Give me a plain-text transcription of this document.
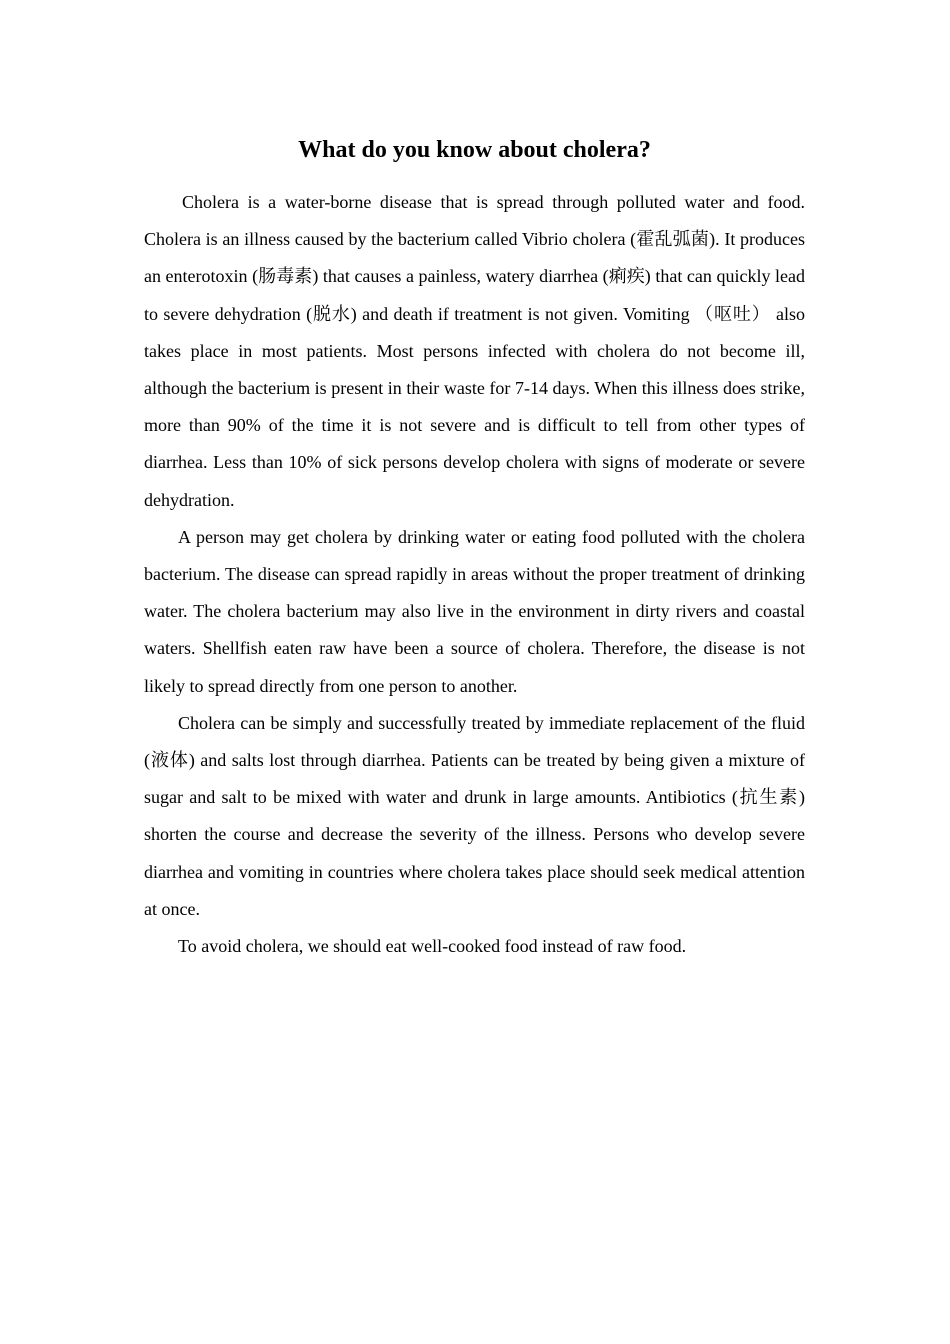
What do you know about cholera?

Cholera is a water-borne disease that is spread through polluted water and food. Cholera is an illness caused by the bacterium called Vibrio cholera (霍乱弧菌). It produces an enterotoxin (肠毒素) that causes a painless, watery diarrhea (痢疾) that can quickly lead to severe dehydration (脱水) and death if treatment is not given. Vomiting （呕吐） also takes place in most patients. Most persons infected with cholera do not become ill, although the bacterium is present in their waste for 7-14 days. When this illness does strike, more than 90% of the time it is not severe and is difficult to tell from other types of diarrhea. Less than 10% of sick persons develop cholera with signs of moderate or severe dehydration.

A person may get cholera by drinking water or eating food polluted with the cholera bacterium. The disease can spread rapidly in areas without the proper treatment of drinking water. The cholera bacterium may also live in the environment in dirty rivers and coastal waters. Shellfish eaten raw have been a source of cholera. Therefore, the disease is not likely to spread directly from one person to another.

Cholera can be simply and successfully treated by immediate replacement of the fluid (液体) and salts lost through diarrhea. Patients can be treated by being given a mixture of sugar and salt to be mixed with water and drunk in large amounts. Antibiotics (抗生素) shorten the course and decrease the severity of the illness. Persons who develop severe diarrhea and vomiting in countries where cholera takes place should seek medical attention at once.

To avoid cholera, we should eat well-cooked food instead of raw food.
